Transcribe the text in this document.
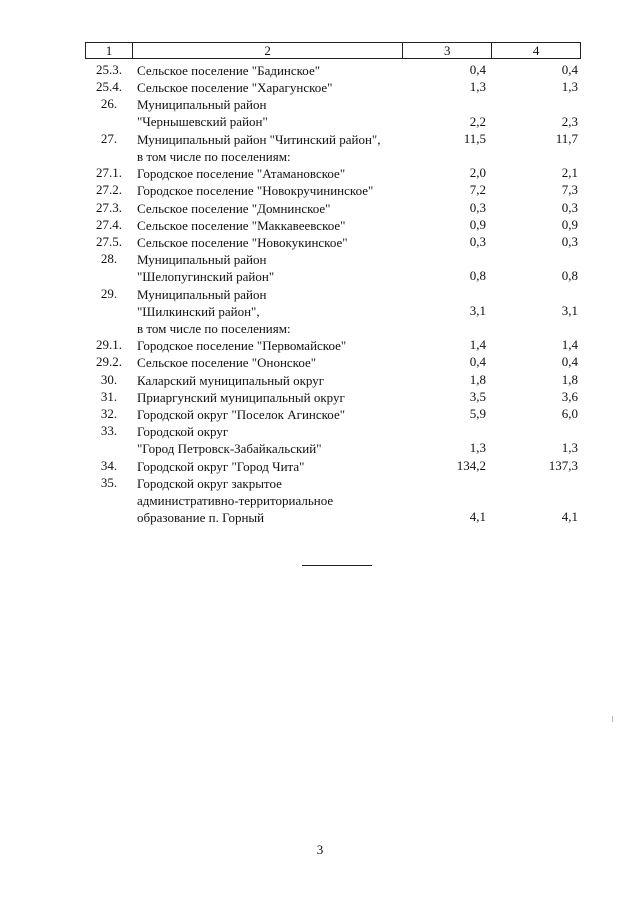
1	2	3	4
25.3.	Сельское поселение "Бадинское"	0,4	0,4
25.4.	Сельское поселение "Харагунское"	1,3	1,3
26.	Муниципальный район
"Чернышевский район"	2,2	2,3
27.	Муниципальный район "Читинский район",	11,5	11,7
в том числе по поселениям:
27.1.	Городское поселение "Атамановское"	2,0	2,1
27.2.	Городское поселение "Новокручининское"	7,2	7,3
27.3.	Сельское поселение "Домнинское"	0,3	0,3
27.4.	Сельское поселение "Маккавеевское"	0,9	0,9
27.5.	Сельское поселение "Новокукинское"	0,3	0,3
28.	Муниципальный район
"Шелопугинский район"	0,8	0,8
29.	Муниципальный район
"Шилкинский район",	3,1	3,1
в том числе по поселениям:
29.1.	Городское поселение "Первомайское"	1,4	1,4
29.2.	Сельское поселение "Ононское"	0,4	0,4
30.	Каларский муниципальный округ	1,8	1,8
31.	Приаргунский муниципальный округ	3,5	3,6
32.	Городской округ "Поселок Агинское"	5,9	6,0
33.	Городской округ
"Город Петровск-Забайкальский"	1,3	1,3
34.	Городской округ "Город Чита"	134,2	137,3
35.	Городской округ закрытое
административно-территориальное
образование п. Горный	4,1	4,1
3
